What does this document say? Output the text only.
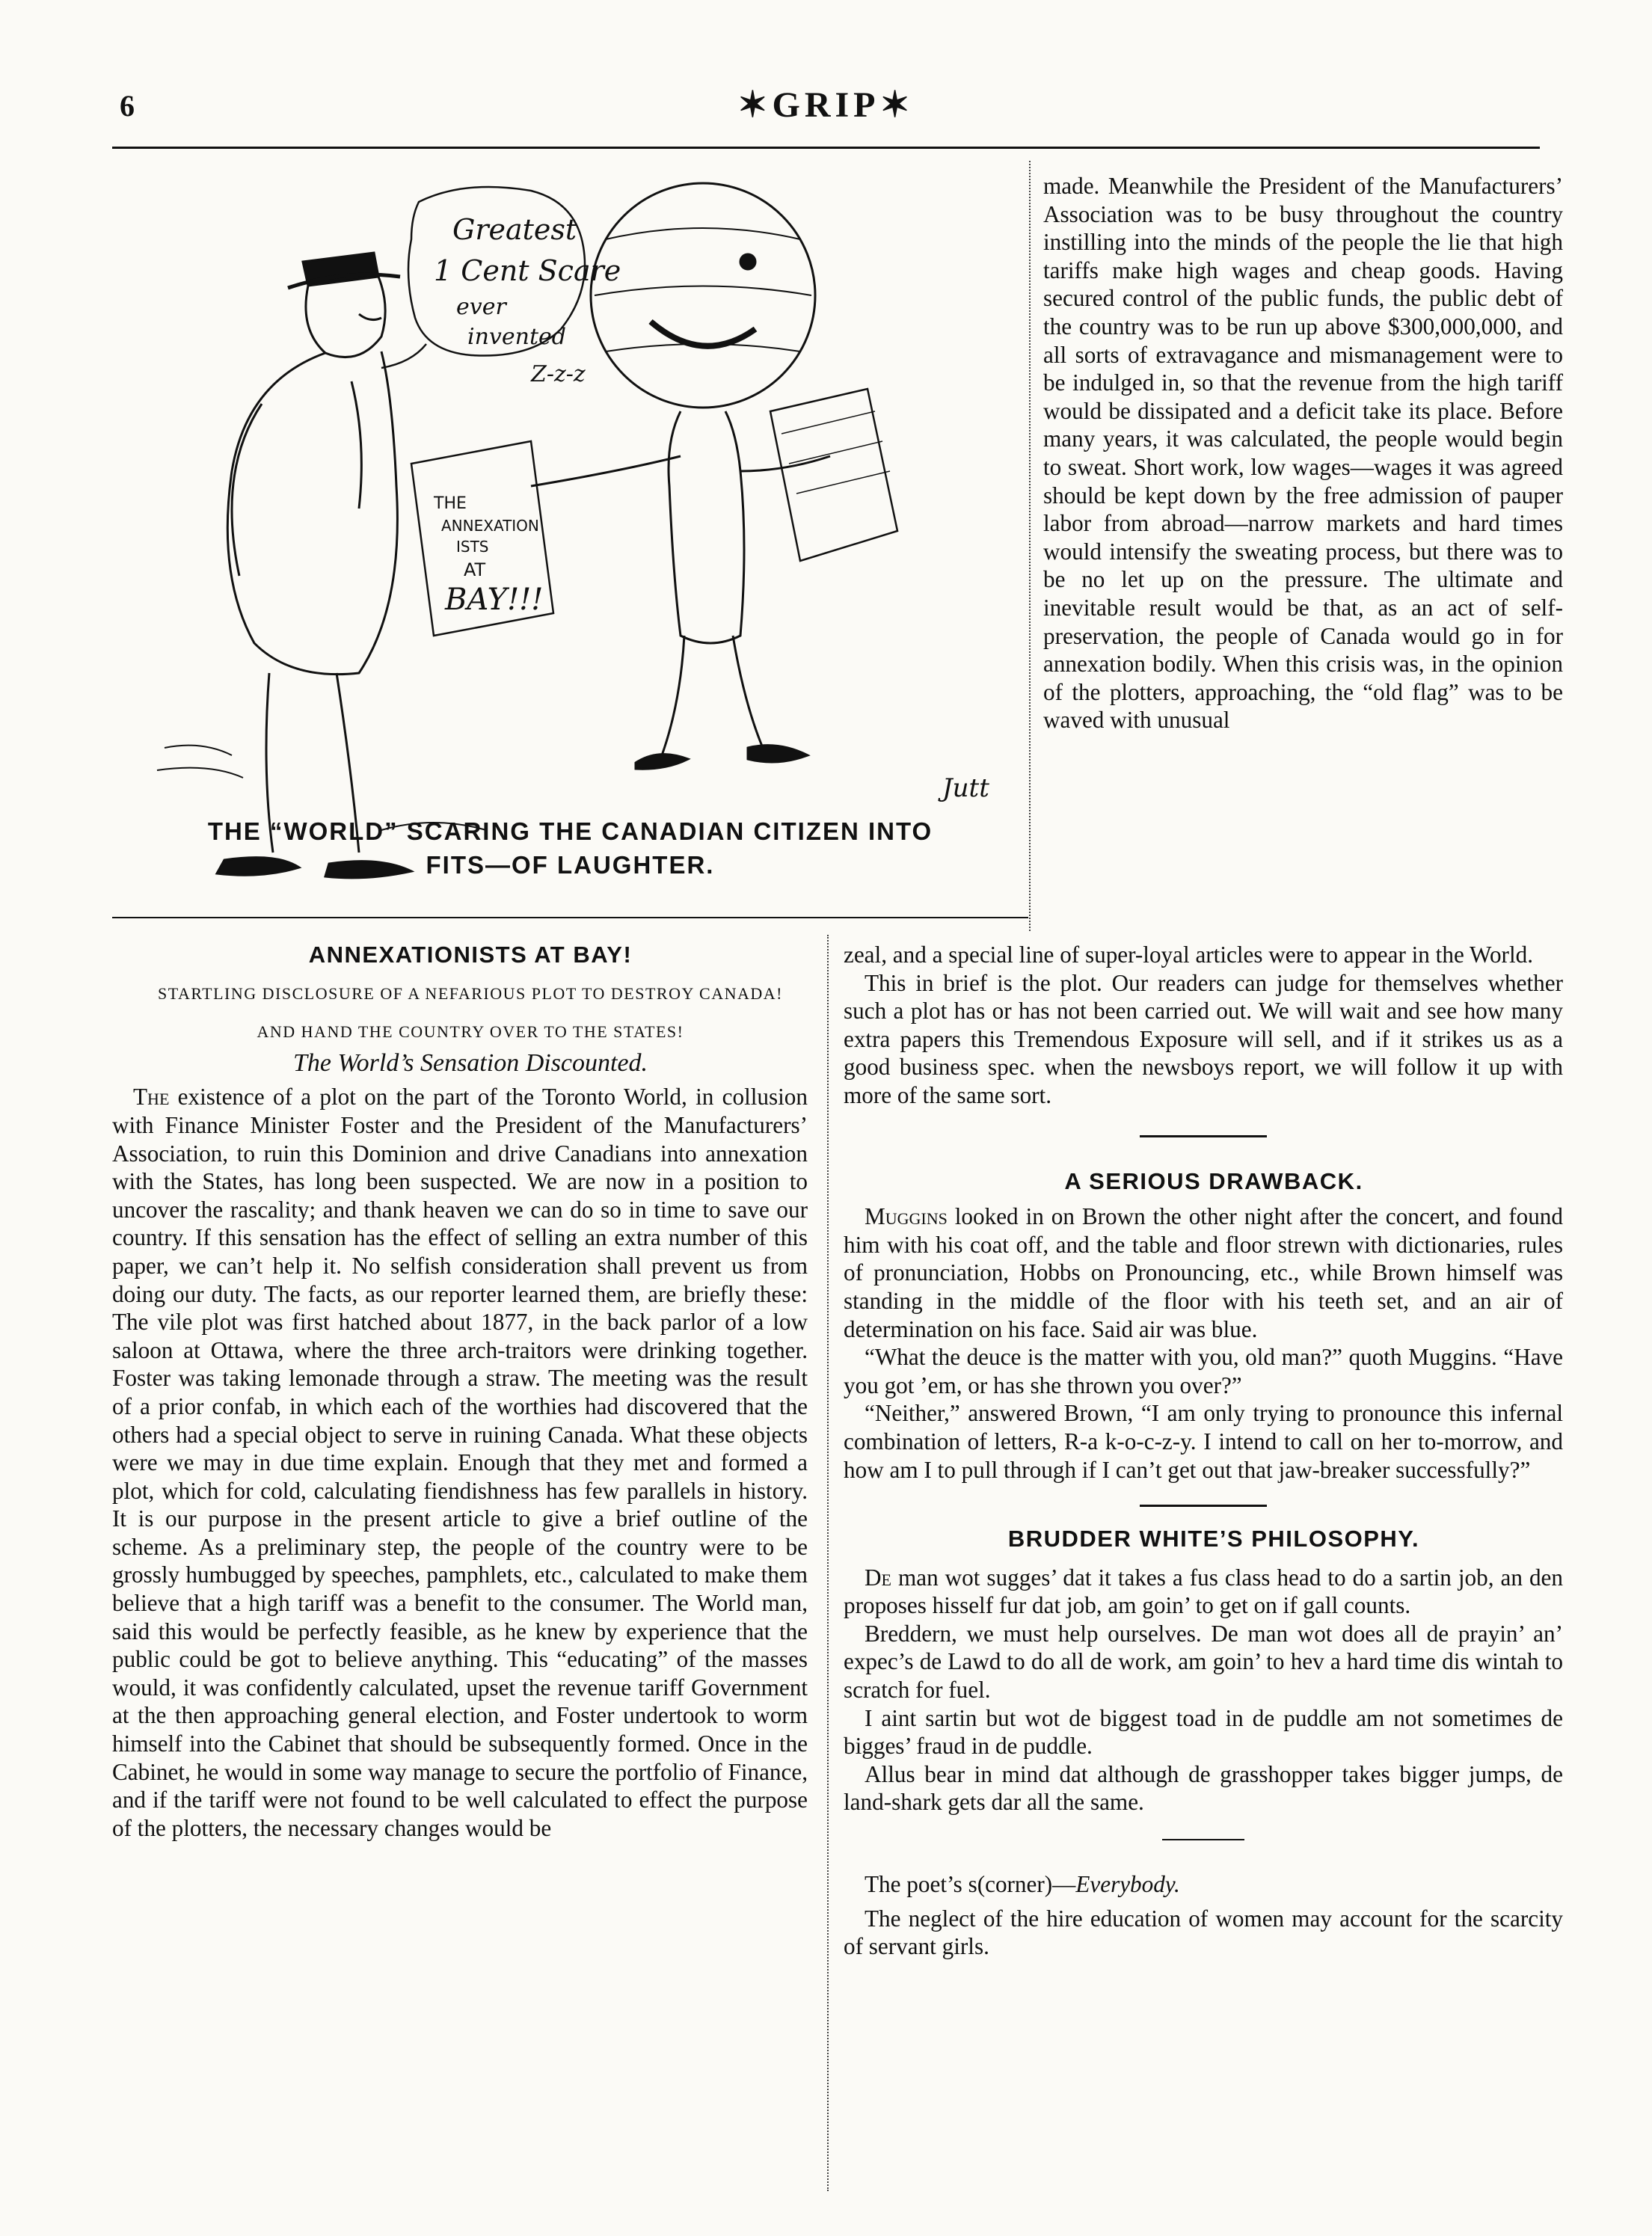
6	✶GRIP✶
Greatest
1 Cent Scare
ever
invented
Z-z-z
THE
ANNEXATION
ISTS
AT
BAY!!!
Jutt
THE “WORLD” SCARING THE CANADIAN CITIZEN INTO
FITS—OF LAUGHTER.

made. Meanwhile the President of the Manufacturers’ Association was to be busy throughout the country instilling into the minds of the people the lie that high tariffs make high wages and cheap goods. Having secured control of the public funds, the public debt of the country was to be run up above $300,000,000, and all sorts of extravagance and mismanagement were to be indulged in, so that the revenue from the high tariff would be dissipated and a deficit take its place. Before many years, it was calculated, the people would begin to sweat. Short work, low wages—wages it was agreed should be kept down by the free admission of pauper labor from abroad—narrow markets and hard times would intensify the sweating process, but there was to be no let up on the pressure. The ultimate and inevitable result would be that, as an act of self-preservation, the people of Canada would go in for annexation bodily. When this crisis was, in the opinion of the plotters, approaching, the “old flag” was to be waved with unusual

ANNEXATIONISTS AT BAY!

STARTLING DISCLOSURE OF A NEFARIOUS PLOT TO DESTROY CANADA!

AND HAND THE COUNTRY OVER TO THE STATES!

The World’s Sensation Discounted.

The existence of a plot on the part of the Toronto World, in collusion with Finance Minister Foster and the President of the Manufacturers’ Association, to ruin this Dominion and drive Canadians into annexation with the States, has long been suspected. We are now in a position to uncover the rascality; and thank heaven we can do so in time to save our country. If this sensation has the effect of selling an extra number of this paper, we can’t help it. No selfish consideration shall prevent us from doing our duty. The facts, as our reporter learned them, are briefly these: The vile plot was first hatched about 1877, in the back parlor of a low saloon at Ottawa, where the three arch-traitors were drinking together. Foster was taking lemonade through a straw. The meeting was the result of a prior confab, in which each of the worthies had discovered that the others had a special object to serve in ruining Canada. What these objects were we may in due time explain. Enough that they met and formed a plot, which for cold, calculating fiendishness has few parallels in history. It is our purpose in the present article to give a brief outline of the scheme. As a preliminary step, the people of the country were to be grossly humbugged by speeches, pamphlets, etc., calculated to make them believe that a high tariff was a benefit to the consumer. The World man, said this would be perfectly feasible, as he knew by experience that the public could be got to believe anything. This “educating” of the masses would, it was confidently calculated, upset the revenue tariff Government at the then approaching general election, and Foster undertook to worm himself into the Cabinet that should be subsequently formed. Once in the Cabinet, he would in some way manage to secure the portfolio of Finance, and if the tariff were not found to be well calculated to effect the purpose of the plotters, the necessary changes would be

zeal, and a special line of super-loyal articles were to appear in the World.

This in brief is the plot. Our readers can judge for themselves whether such a plot has or has not been carried out. We will wait and see how many extra papers this Tremendous Exposure will sell, and if it strikes us as a good business spec. when the newsboys report, we will follow it up with more of the same sort.

A SERIOUS DRAWBACK.

Muggins looked in on Brown the other night after the concert, and found him with his coat off, and the table and floor strewn with dictionaries, rules of pronunciation, Hobbs on Pronouncing, etc., while Brown himself was standing in the middle of the floor with his teeth set, and an air of determination on his face. Said air was blue.

“What the deuce is the matter with you, old man?” quoth Muggins. “Have you got ’em, or has she thrown you over?”

“Neither,” answered Brown, “I am only trying to pronounce this infernal combination of letters, R-a k-o-c-z-y. I intend to call on her to-morrow, and how am I to pull through if I can’t get out that jaw-breaker successfully?”

BRUDDER WHITE’S PHILOSOPHY.

De man wot sugges’ dat it takes a fus class head to do a sartin job, an den proposes hisself fur dat job, am goin’ to get on if gall counts.

Breddern, we must help ourselves. De man wot does all de prayin’ an’ expec’s de Lawd to do all de work, am goin’ to hev a hard time dis wintah to scratch for fuel.

I aint sartin but wot de biggest toad in de puddle am not sometimes de bigges’ fraud in de puddle.

Allus bear in mind dat although de grasshopper takes bigger jumps, de land-shark gets dar all the same.

The poet’s s(corner)—Everybody.

The neglect of the hire education of women may account for the scarcity of servant girls.
